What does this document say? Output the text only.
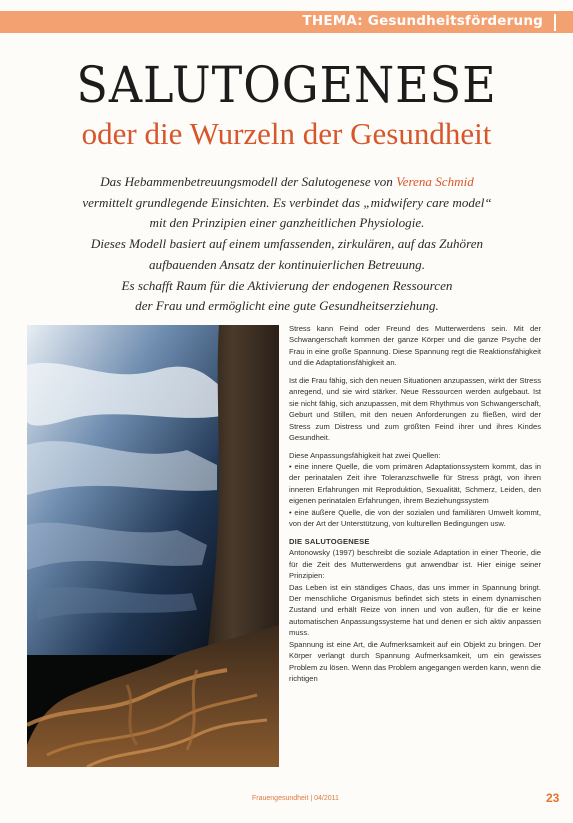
THEMA: Gesundheitsförderung
SALUTOGENESE
oder die Wurzeln der Gesundheit

Das Hebammenbetreuungsmodell der Salutogenese von Verena Schmid

vermittelt grundlegende Einsichten. Es verbindet das „midwifery care model“

mit den Prinzipien einer ganzheitlichen Physiologie.

Dieses Modell basiert auf einem umfassenden, zirkulären, auf das Zuhören

aufbauenden Ansatz der kontinuierlichen Betreuung.

Es schafft Raum für die Aktivierung der endogenen Ressourcen

der Frau und ermöglicht eine gute Gesundheitserziehung.

Stress kann Feind oder Freund des Mutterwerdens sein. Mit der Schwangerschaft kommen der ganze Körper und die ganze Psyche der Frau in eine große Spannung. Diese Spannung regt die Reaktionsfähigkeit und die Adaptationsfähigkeit an.

Ist die Frau fähig, sich den neuen Situationen anzupassen, wirkt der Stress anregend, und sie wird stärker. Neue Ressourcen werden aufgebaut. Ist sie nicht fähig, sich anzupassen, mit dem Rhythmus von Schwangerschaft, Geburt und Stillen, mit den neuen Anforderungen zu fließen, wird der Stress zum Distress und zum größten Feind ihrer und ihres Kindes Gesundheit.

Diese Anpassungsfähigkeit hat zwei Quellen:

• eine innere Quelle, die vom primären Adaptationssystem kommt, das in der perinatalen Zeit ihre Toleranzschwelle für Stress prägt, von ihren inneren Erfahrungen mit Reproduktion, Sexualität, Schmerz, Leiden, den eigenen perinatalen Erfahrungen, ihrem Beziehungssystem

• eine äußere Quelle, die von der sozialen und familiären Umwelt kommt, von der Art der Unterstützung, von kulturellen Bedingungen usw.

DIE SALUTOGENESE

Antonowsky (1997) beschreibt die soziale Adaptation in einer Theorie, die für die Zeit des Mutterwerdens gut anwendbar ist. Hier einige seiner Prinzipien:

Das Leben ist ein ständiges Chaos, das uns immer in Spannung bringt. Der menschliche Organismus befindet sich stets in einem dynamischen Zustand und erhält Reize von innen und von außen, für die er keine automatischen Anpassungssysteme hat und denen er sich aktiv anpassen muss.

Spannung ist eine Art, die Aufmerksamkeit auf ein Objekt zu bringen. Der Körper verlangt durch Spannung Aufmerksamkeit, um ein gewisses Problem zu lösen. Wenn das Problem angegangen werden kann, wenn die richtigen

Frauengesundheit | 04/2011	23
